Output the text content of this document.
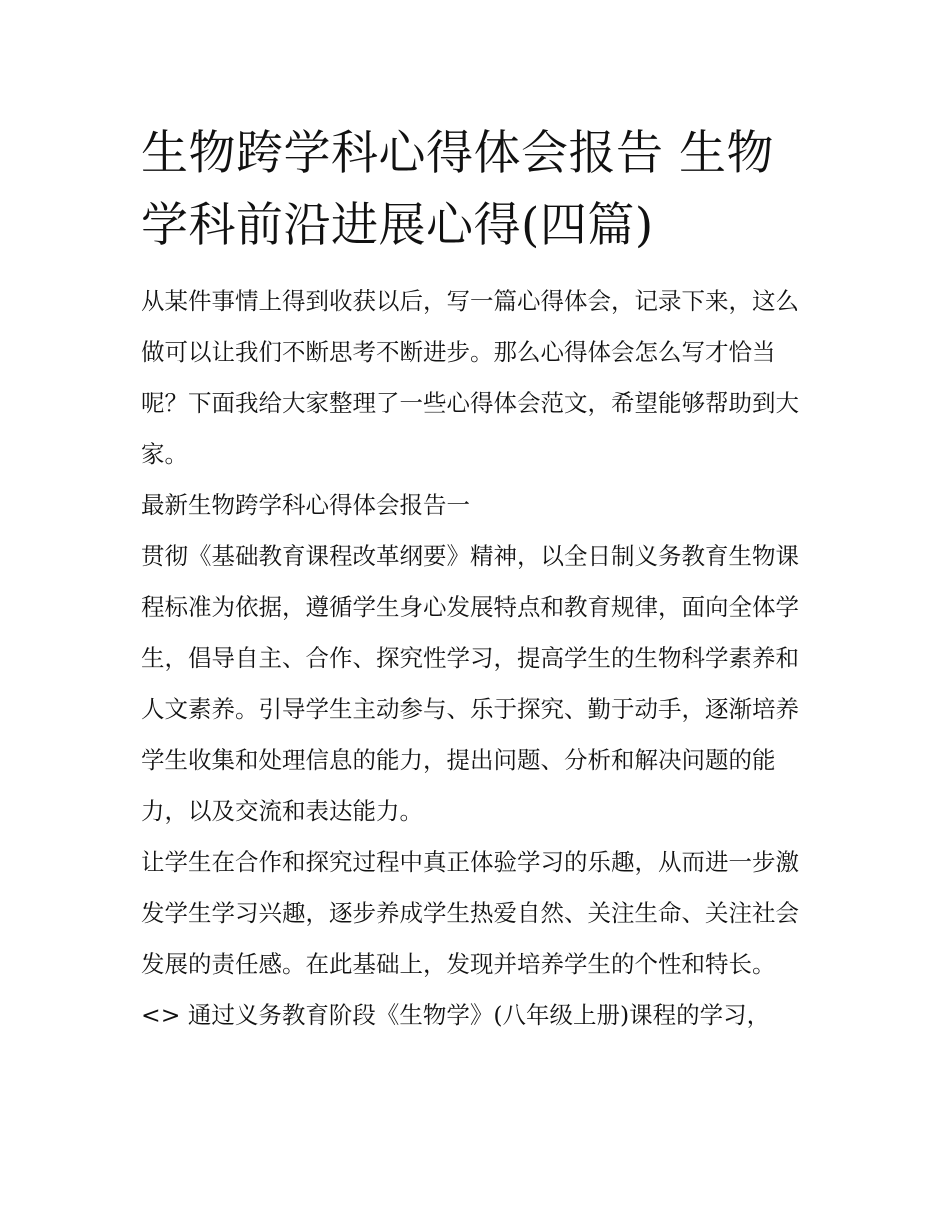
生物跨学科心得体会报告 生物学科前沿进展心得(四篇)

从某件事情上得到收获以后，写一篇心得体会，记录下来，这么做可以让我们不断思考不断进步。那么心得体会怎么写才恰当呢？下面我给大家整理了一些心得体会范文，希望能够帮助到大家。

最新生物跨学科心得体会报告一

贯彻《基础教育课程改革纲要》精神，以全日制义务教育生物课程标准为依据，遵循学生身心发展特点和教育规律，面向全体学生，倡导自主、合作、探究性学习，提高学生的生物科学素养和人文素养。引导学生主动参与、乐于探究、勤于动手，逐渐培养学生收集和处理信息的能力，提出问题、分析和解决问题的能力，以及交流和表达能力。

让学生在合作和探究过程中真正体验学习的乐趣，从而进一步激发学生学习兴趣，逐步养成学生热爱自然、关注生命、关注社会发展的责任感。在此基础上，发现并培养学生的个性和特长。

<> 通过义务教育阶段《生物学》(八年级上册)课程的学习，
